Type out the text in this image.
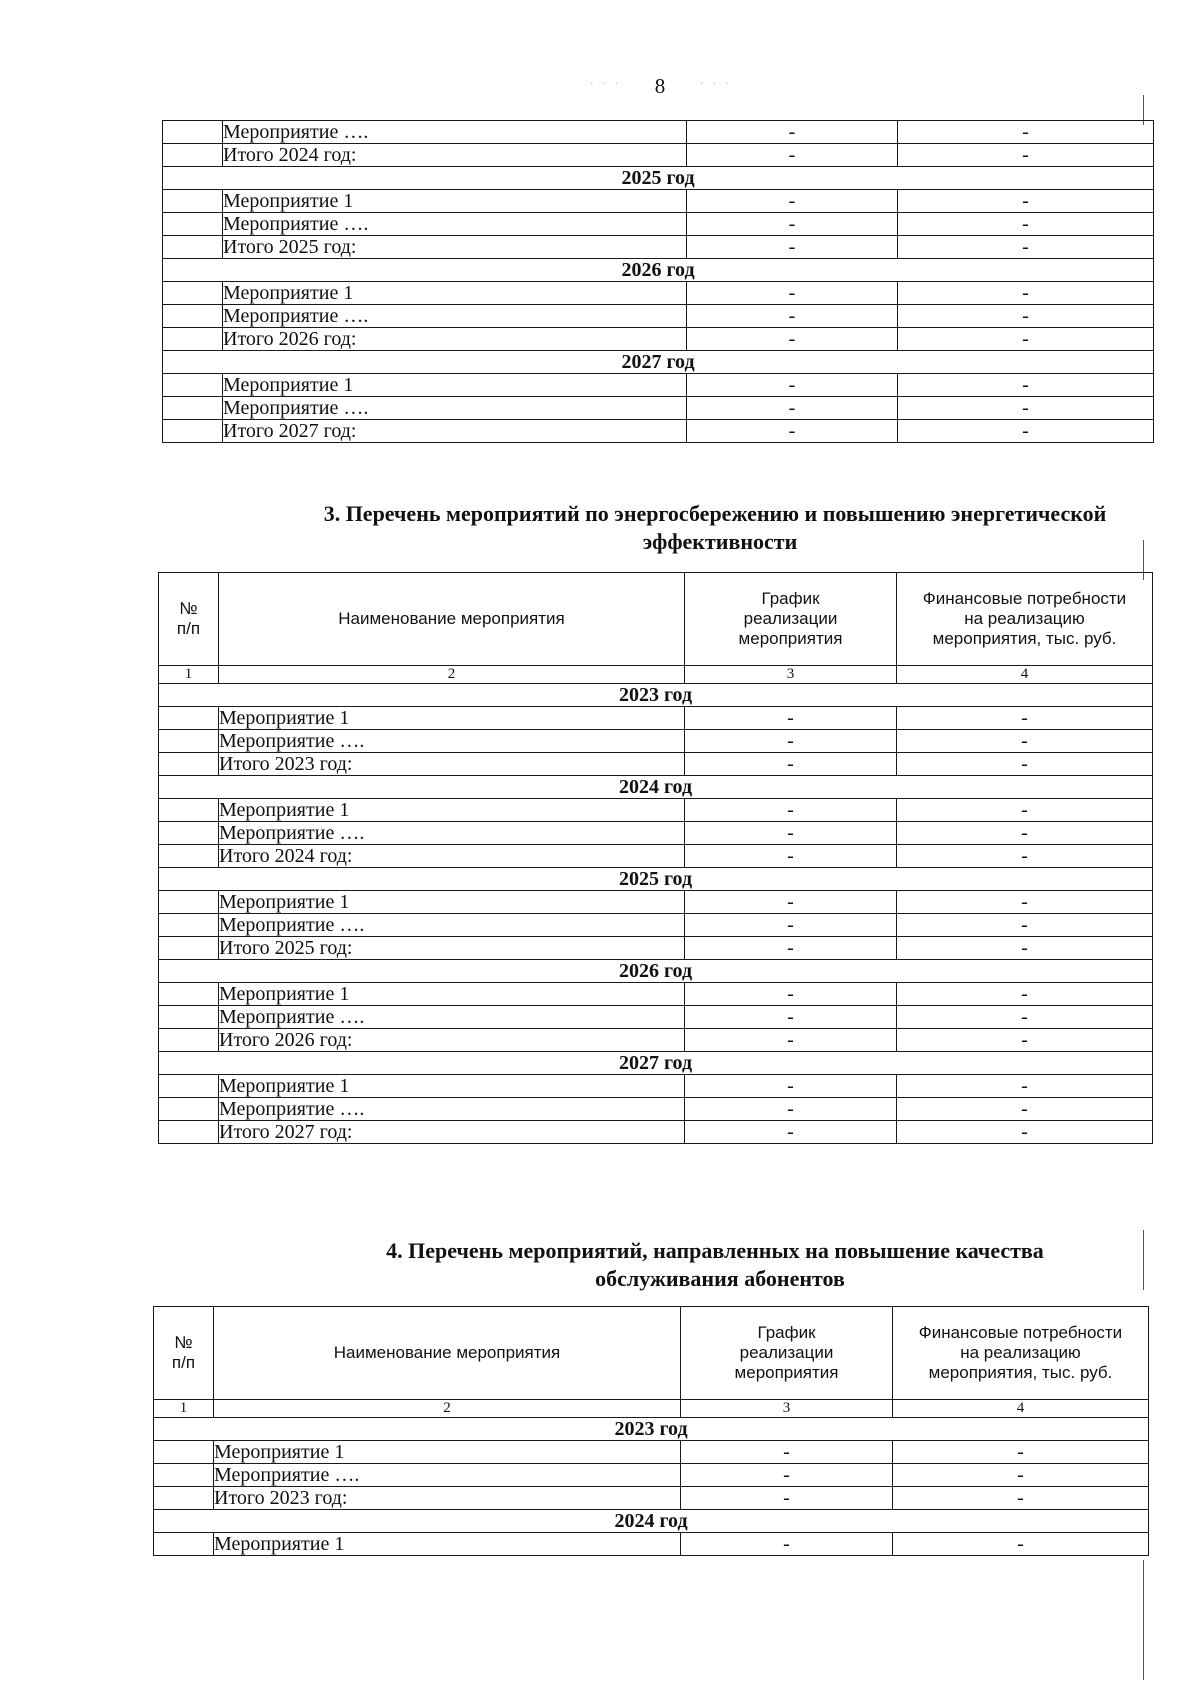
8
· · ·	· · ·
	Мероприятие ….	-	-
	Итого 2024 год:	-	-
2025 год			
	Мероприятие 1	-	-
	Мероприятие ….	-	-
	Итого 2025 год:	-	-
2026 год			
	Мероприятие 1	-	-
	Мероприятие ….	-	-
	Итого 2026 год:	-	-
2027 год			
	Мероприятие 1	-	-
	Мероприятие ….	-	-
	Итого 2027 год:	-	-
3. Перечень мероприятий по энергосбережению и повышению энергетической
эффективности
№ п/п	Наименование мероприятия	График реализации мероприятия	Финансовые потребности на реализацию мероприятия, тыс. руб.
1	2	3	4
2023 год			
	Мероприятие 1	-	-
	Мероприятие ….	-	-
	Итого 2023 год:	-	-
2024 год			
	Мероприятие 1	-	-
	Мероприятие ….	-	-
	Итого 2024 год:	-	-
2025 год			
	Мероприятие 1	-	-
	Мероприятие ….	-	-
	Итого 2025 год:	-	-
2026 год			
	Мероприятие 1	-	-
	Мероприятие ….	-	-
	Итого 2026 год:	-	-
2027 год			
	Мероприятие 1	-	-
	Мероприятие ….	-	-
	Итого 2027 год:	-	-
4. Перечень мероприятий, направленных на повышение качества
обслуживания абонентов
№ п/п	Наименование мероприятия	График реализации мероприятия	Финансовые потребности на реализацию мероприятия, тыс. руб.
1	2	3	4
2023 год			
	Мероприятие 1	-	-
	Мероприятие ….	-	-
	Итого 2023 год:	-	-
2024 год			
	Мероприятие 1	-	-
